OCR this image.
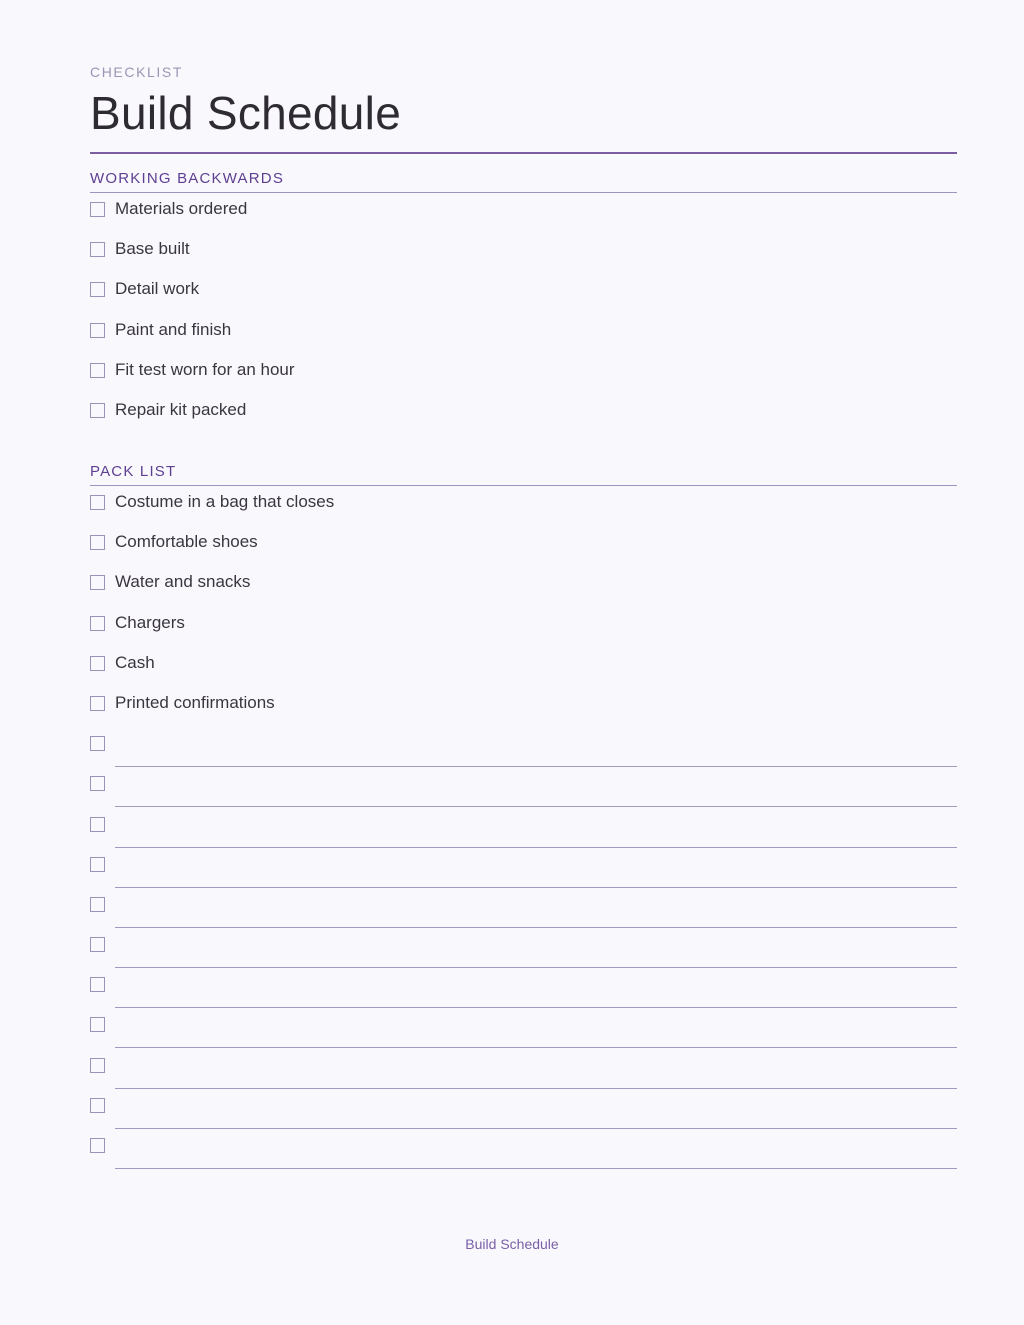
CHECKLIST
Build Schedule
WORKING BACKWARDS
Materials ordered
Base built
Detail work
Paint and finish
Fit test worn for an hour
Repair kit packed
PACK LIST
Costume in a bag that closes
Comfortable shoes
Water and snacks
Chargers
Cash
Printed confirmations
Build Schedule
